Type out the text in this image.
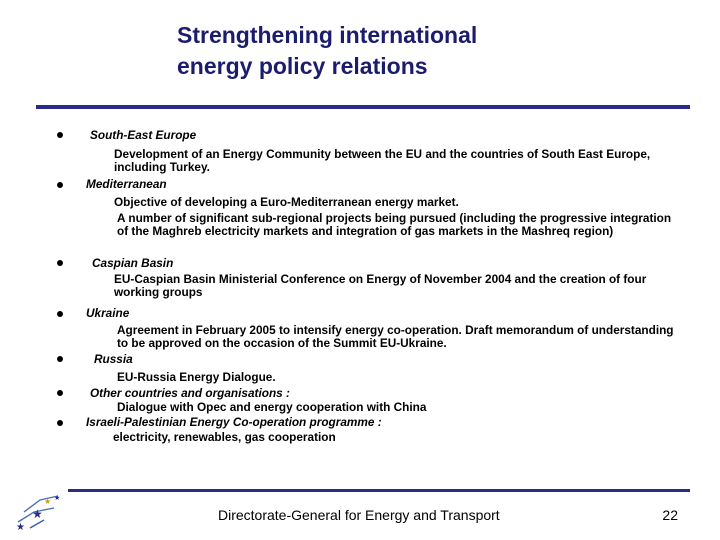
Strengthening international
energy policy relations
South-East Europe
Development of an Energy Community between the EU and the countries of South East Europe, including Turkey.
Mediterranean
Objective of developing a Euro-Mediterranean energy market.
A number of significant sub-regional projects being pursued (including the progressive integration of the Maghreb electricity markets and integration of gas markets in the Mashreq region)
Caspian Basin
EU-Caspian Basin Ministerial Conference on Energy of November 2004 and the creation of four working groups
Ukraine
Agreement in February 2005 to intensify energy co-operation. Draft memorandum of understanding to be approved on the occasion of the Summit EU-Ukraine.
Russia
EU-Russia Energy Dialogue.
Other countries and organisations :
Dialogue with Opec and energy cooperation with China
Israeli-Palestinian Energy Co-operation programme :
electricity, renewables, gas cooperation
★
★
★ ★
Directorate-General for Energy and Transport	22
